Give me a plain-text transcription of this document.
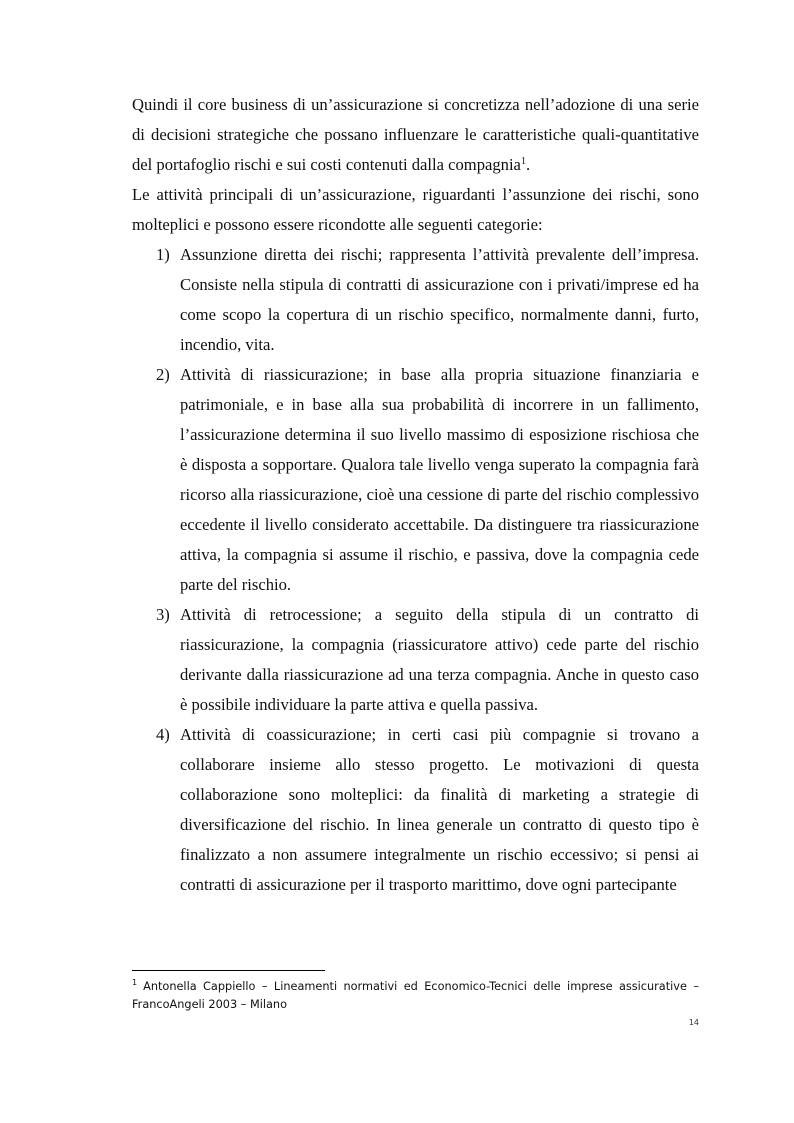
Quindi il core business di un’assicurazione si concretizza nell’adozione di una serie di decisioni strategiche che possano influenzare le caratteristiche quali-quantitative del portafoglio rischi e sui costi contenuti dalla compagnia$^1$.

Le attività principali di un’assicurazione, riguardanti l’assunzione dei rischi, sono molteplici e possono essere ricondotte alle seguenti categorie:

1) Assunzione diretta dei rischi; rappresenta l’attività prevalente dell’impresa. Consiste nella stipula di contratti di assicurazione con i privati/imprese ed ha come scopo la copertura di un rischio specifico, normalmente danni, furto, incendio, vita.
2) Attività di riassicurazione; in base alla propria situazione finanziaria e patrimoniale, e in base alla sua probabilità di incorrere in un fallimento, l’assicurazione determina il suo livello massimo di esposizione rischiosa che è disposta a sopportare. Qualora tale livello venga superato la compagnia farà ricorso alla riassicurazione, cioè una cessione di parte del rischio complessivo eccedente il livello considerato accettabile. Da distinguere tra riassicurazione attiva, la compagnia si assume il rischio, e passiva, dove la compagnia cede parte del rischio.
3) Attività di retrocessione; a seguito della stipula di un contratto di riassicurazione, la compagnia (riassicuratore attivo) cede parte del rischio derivante dalla riassicurazione ad una terza compagnia. Anche in questo caso è possibile individuare la parte attiva e quella passiva.
4) Attività di coassicurazione; in certi casi più compagnie si trovano a collaborare insieme allo stesso progetto. Le motivazioni di questa collaborazione sono molteplici: da finalità di marketing a strategie di diversificazione del rischio. In linea generale un contratto di questo tipo è finalizzato a non assumere integralmente un rischio eccessivo; si pensi ai contratti di assicurazione per il trasporto marittimo, dove ogni partecipante
$^1$ Antonella Cappiello – Lineamenti normativi ed Economico-Tecnici delle imprese assicurative – FrancoAngeli 2003 – Milano
14
